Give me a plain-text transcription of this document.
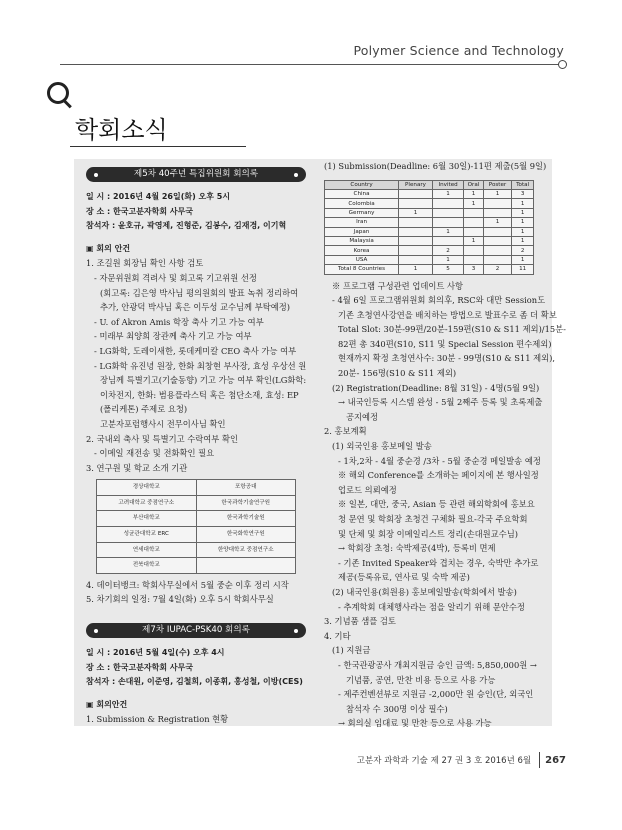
Polymer Science and Technology
학회소식
제5차 40주년 특집위원회 회의록
일 시 : 2016년 4월 26일(화) 오후 5시
장 소 : 한국고분자학회 사무국
참석자 : 윤호규, 곽영제, 진형준, 김봉수, 김재경, 이기혁
▣ 회의 안건
1. 조길원 회장님 확인 사항 검토
- 자문위원회 격려사 및 회고록 기고위원 선정
(회고록: 김은영 박사님 평의원회의 발표 녹취 정리하여
추가, 안광덕 박사님 혹은 이두성 교수님께 부탁예정)
- U. of Akron Amis 학장 축사 기고 가능 여부
- 미래부 최양희 장관께 축사 기고 가능 여부
- LG화학, 도레이새한, 롯데케미칼 CEO 축사 가능 여부
- LG화학 유진녕 원장, 한화 최창현 부사장, 효성 우상선 원
장님께 특별기고(기술동향) 기고 가능 여부 확인(LG화학:
이차전지, 한화: 범용플라스틱 혹은 첨단소재, 효성: EP
(폴리케톤) 주제로 요청)
고분자포럼행사시 전무이사님 확인
2. 국내외 축사 및 특별기고 수락여부 확인
- 이메일 재전송 및 전화확인 필요
3. 연구원 및 학교 소개 기관
경상대학교	포항공대
고려대학교 중점연구소	한국과학기술연구원
부산대학교	한국과학기술원
성균관대학교 ERC	한국화학연구원
연세대학교	한양대학교 중점연구소
전북대학교	
4. 데이터뱅크: 학회사무실에서 5월 중순 이후 정리 시작
5. 차기회의 일정: 7월 4일(화) 오후 5시 학회사무실
제7차 IUPAC-PSK40 회의록
일 시 : 2016년 5월 4일(수) 오후 4시
장 소 : 한국고분자학회 사무국
참석자 : 손대원, 이준영, 김철희, 이종휘, 홍성철, 이방(CES)
▣ 회의안건
1. Submission & Registration 현황
(1) Submission(Deadline: 6월 30일)-11편 제출(5월 9일)
Country	Plenary	Invited	Oral	Poster	Total
China		1	1	1	3
Colombia			1		1
Germany	1				1
Iran				1	1
Japan		1			1
Malaysia			1		1
Korea		2			2
USA		1			1
Total 8 Countries	1	5	3	2	11
※ 프로그램 구성관련 업데이트 사항
- 4월 6일 프로그램위원회 회의후, RSC와 대만 Session도
기존 초청연사강연을 배치하는 방법으로 발표수로 좀 더 확보
Total Slot: 30분-99편/20분-159편(S10 & S11 제외)/15분-
82편 총 340편(S10, S11 및 Special Session 편수제외)
현재까지 확정 초청연사수: 30분 - 99명(S10 & S11 제외),
20분- 156명(S10 & S11 제외)
(2) Registration(Deadline: 8월 31일) - 4명(5월 9일)
→ 내국인등록 시스템 완성 - 5월 2째주 등록 및 초록제출
공지예정
2. 홍보계획
(1) 외국인용 홍보메일 발송
- 1차,2차 - 4월 중순경 /3차 - 5월 중순경 메일발송 예정
※ 해외 Conference를 소개하는 페이지에 본 행사일정
업로드 의뢰예정
※ 일본, 대만, 중국, Asian 등 관련 해외학회에 홍보요
청 문연 및 학회장 초청건 구체화 필요-각국 주요학회
및 단체 및 회장 이메일리스트 정리(손대원교수님)
→ 학회장 초청: 숙박제공(4박), 등록비 면제
- 기존 Invited Speaker와 겹치는 경우, 숙박만 추가로
제공(등록유료, 연사료 및 숙박 제공)
(2) 내국인용(회원용) 홍보메일발송(학회에서 발송)
- 추계학회 대체행사라는 점을 알리기 위해 문안수정
3. 기념품 샘플 검토
4. 기타
(1) 지원금
- 한국관광공사 개최지원금 승인 금액: 5,850,000원 →
기념품, 공연, 만찬 비용 등으로 사용 가능
- 제주컨벤션뷰로 지원금 -2,000만 원 승인(단, 외국인
참석자 수 300명 이상 필수)
→ 회의실 임대료 및 만찬 등으로 사용 가능
고분자 과학과 기술 제 27 권 3 호 2016년 6월 267
